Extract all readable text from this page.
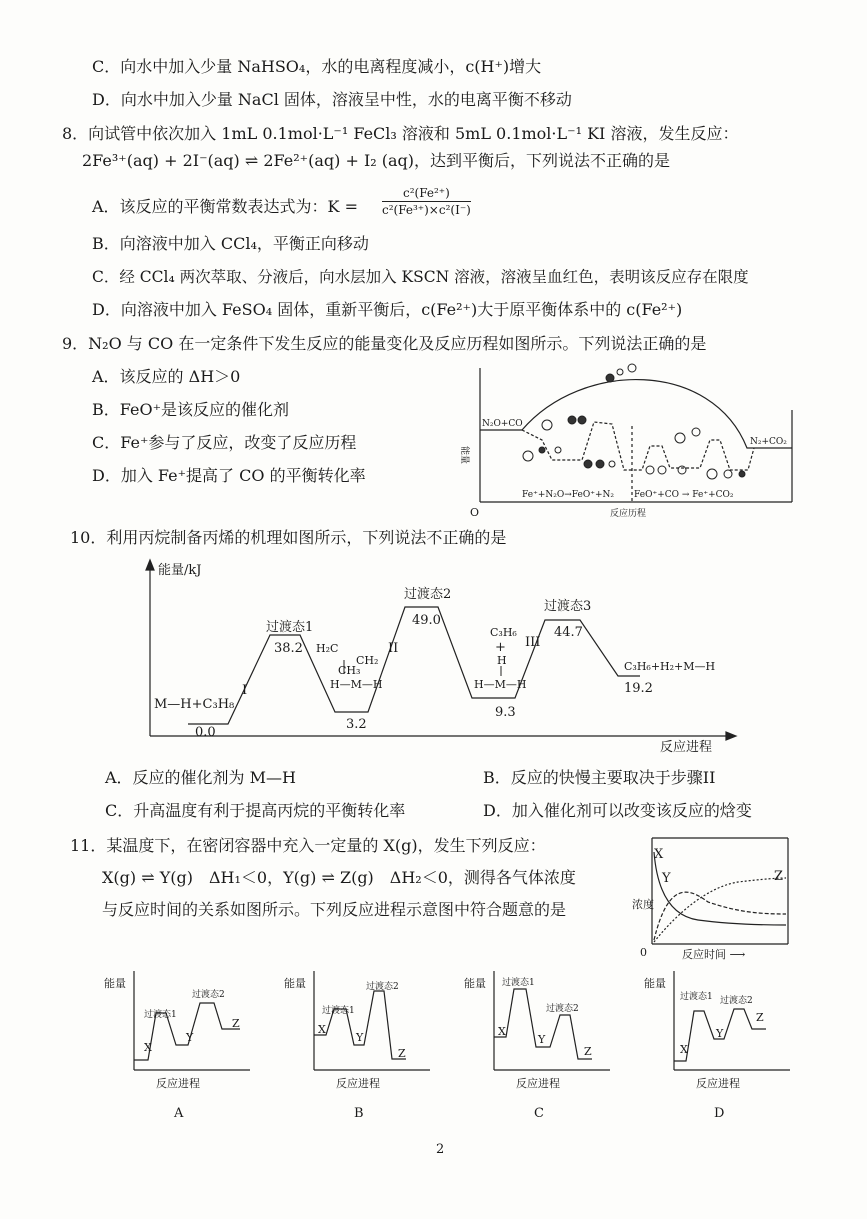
C．向水中加入少量 NaHSO₄，水的电离程度减小，c(H⁺)增大
D．向水中加入少量 NaCl 固体，溶液呈中性，水的电离平衡不移动
8．向试管中依次加入 1mL 0.1mol·L⁻¹ FeCl₃ 溶液和 5mL 0.1mol·L⁻¹ KI 溶液，发生反应：
2Fe³⁺(aq) + 2I⁻(aq) ⇌ 2Fe²⁺(aq) + I₂ (aq)，达到平衡后，下列说法不正确的是
A．该反应的平衡常数表达式为：$K = \frac{\text{c²(Fe²⁺)}}{\text{c²(Fe³⁺)×c²(I⁻)}}$
B．向溶液中加入 CCl₄，平衡正向移动
C．经 CCl₄ 两次萃取、分液后，向水层加入 KSCN 溶液，溶液呈血红色，表明该反应存在限度
D．向溶液中加入 FeSO₄ 固体，重新平衡后，c(Fe²⁺)大于原平衡体系中的 c(Fe²⁺)
9．N₂O 与 CO 在一定条件下发生反应的能量变化及反应历程如图所示。下列说法正确的是
A．该反应的 ΔH＞0
B．FeO⁺是该反应的催化剂
C．Fe⁺参与了反应，改变了反应历程
D．加入 Fe⁺提高了 CO 的平衡转化率
N₂O+CO
N₂+CO₂
能量
O
Fe⁺+N₂O→FeO⁺+N₂ FeO⁺+CO → Fe⁺+CO₂
反应历程
10．利用丙烷制备丙烯的机理如图所示，下列说法不正确的是
能量/kJ
反应进程
M—H+C₃H₈
0.0
过渡态1
38.2
I
CH₃
H₂C
CH₂
H—M—H
II
3.2
过渡态2
49.0
C₃H₆
+
H
H—M—H
9.3
III
过渡态3
44.7
C₃H₆+H₂+M—H
19.2
A．反应的催化剂为 M—H	B．反应的快慢主要取决于步骤II
C．升高温度有利于提高丙烷的平衡转化率	D．加入催化剂可以改变该反应的焓变
11．某温度下，在密闭容器中充入一定量的 X(g)，发生下列反应：
X(g) ⇌ Y(g)　ΔH₁＜0，Y(g) ⇌ Z(g)　ΔH₂＜0，测得各气体浓度
与反应时间的关系如图所示。下列反应进程示意图中符合题意的是
X
Y	Z
浓度
0	反应时间 ⟶
能量
过渡态1
过渡态2
X
Y
Z
反应进程
A
能量
过渡态1
过渡态2
X
Y
Z
反应进程
B
能量 过渡态1
过渡态2
X
Y
Z
反应进程
C
能量
过渡态1 过渡态2
X
Y
Z
反应进程
D
2
